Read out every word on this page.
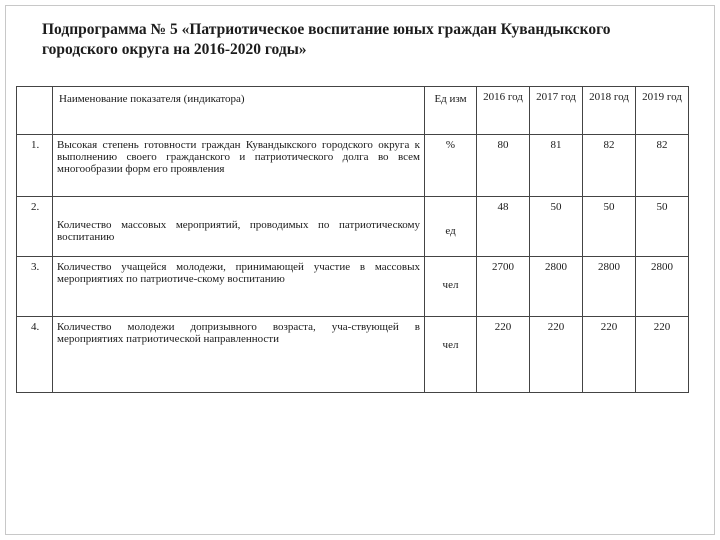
Подпрограмма № 5 «Патриотическое воспитание юных граждан Кувандыкского городского округа на 2016-2020 годы»
	Наименование показателя (индикатора)	Ед изм	2016 год	2017 год	2018 год	2019 год
1.	Высокая степень готовности граждан Кувандыкского городского округа к выполнению своего гражданского и патриотического долга во всем многообразии форм его проявления	%	80	81	82	82
2.	Количество массовых мероприятий, проводимых по патриотическому воспитанию	ед	48	50	50	50
3.	Количество учащейся молодежи, принимающей участие в массовых мероприятиях по патриотиче-скому воспитанию	чел	2700	2800	2800	2800
4.	Количество молодежи допризывного возраста, уча-ствующей в мероприятиях патриотической направленности	чел	220	220	220	220
